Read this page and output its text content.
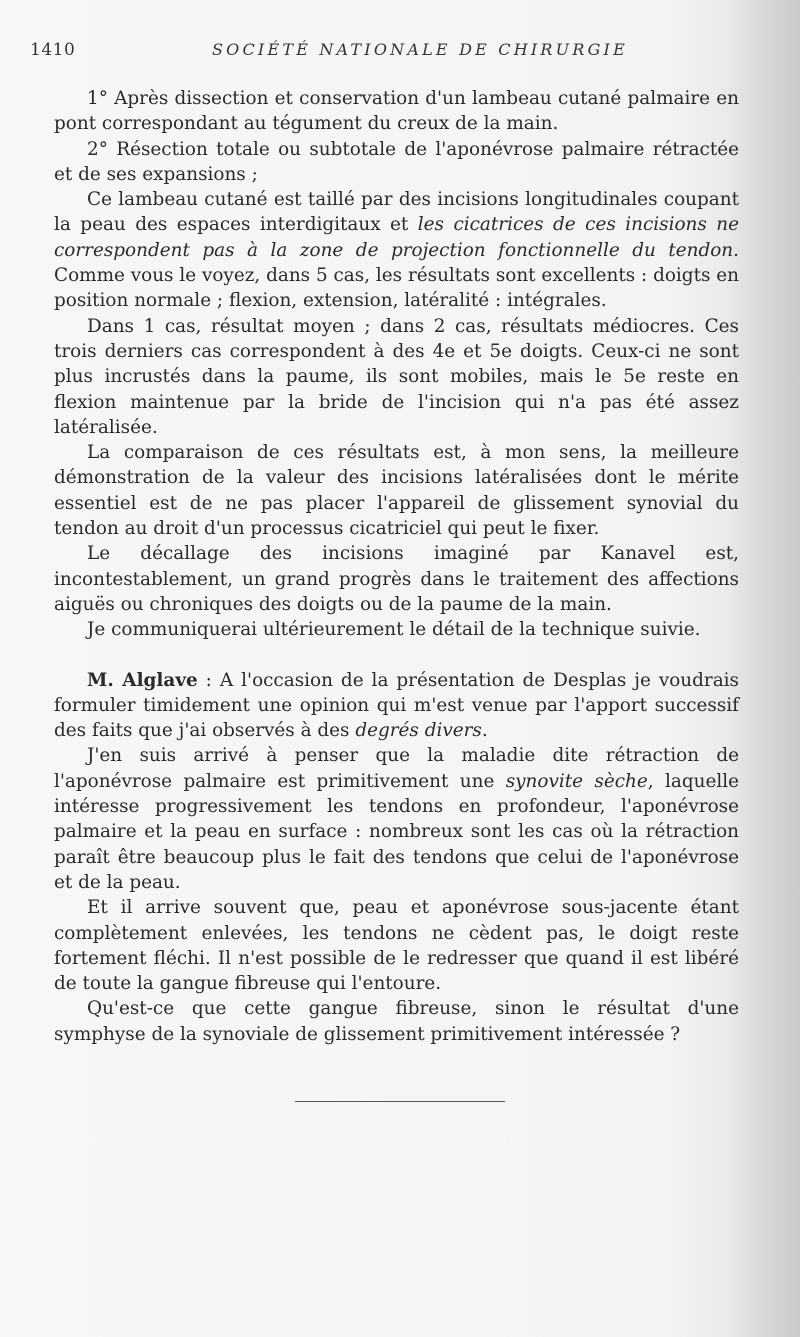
1410	SOCIÉTÉ NATIONALE DE CHIRURGIE

1° Après dissection et conservation d'un lambeau cutané palmaire en pont correspondant au tégument du creux de la main.

2° Résection totale ou subtotale de l'aponévrose palmaire rétractée et de ses expansions ;

Ce lambeau cutané est taillé par des incisions longitudinales coupant la peau des espaces interdigitaux et les cicatrices de ces incisions ne correspondent pas à la zone de projection fonctionnelle du tendon. Comme vous le voyez, dans 5 cas, les résultats sont excellents : doigts en position normale ; flexion, extension, latéralité : intégrales.

Dans 1 cas, résultat moyen ; dans 2 cas, résultats médiocres. Ces trois derniers cas correspondent à des 4e et 5e doigts. Ceux-ci ne sont plus incrustés dans la paume, ils sont mobiles, mais le 5e reste en flexion maintenue par la bride de l'incision qui n'a pas été assez latéralisée.

La comparaison de ces résultats est, à mon sens, la meilleure démonstration de la valeur des incisions latéralisées dont le mérite essentiel est de ne pas placer l'appareil de glissement synovial du tendon au droit d'un processus cicatriciel qui peut le fixer.

Le décallage des incisions imaginé par Kanavel est, incontestablement, un grand progrès dans le traitement des affections aiguës ou chroniques des doigts ou de la paume de la main.

Je communiquerai ultérieurement le détail de la technique suivie.

M. Alglave : A l'occasion de la présentation de Desplas je voudrais formuler timidement une opinion qui m'est venue par l'apport successif des faits que j'ai observés à des degrés divers.

J'en suis arrivé à penser que la maladie dite rétraction de l'aponévrose palmaire est primitivement une synovite sèche, laquelle intéresse progressivement les tendons en profondeur, l'aponévrose palmaire et la peau en surface : nombreux sont les cas où la rétraction paraît être beaucoup plus le fait des tendons que celui de l'aponévrose et de la peau.

Et il arrive souvent que, peau et aponévrose sous-jacente étant complètement enlevées, les tendons ne cèdent pas, le doigt reste fortement fléchi. Il n'est possible de le redresser que quand il est libéré de toute la gangue fibreuse qui l'entoure.

Qu'est-ce que cette gangue fibreuse, sinon le résultat d'une symphyse de la synoviale de glissement primitivement intéressée ?
